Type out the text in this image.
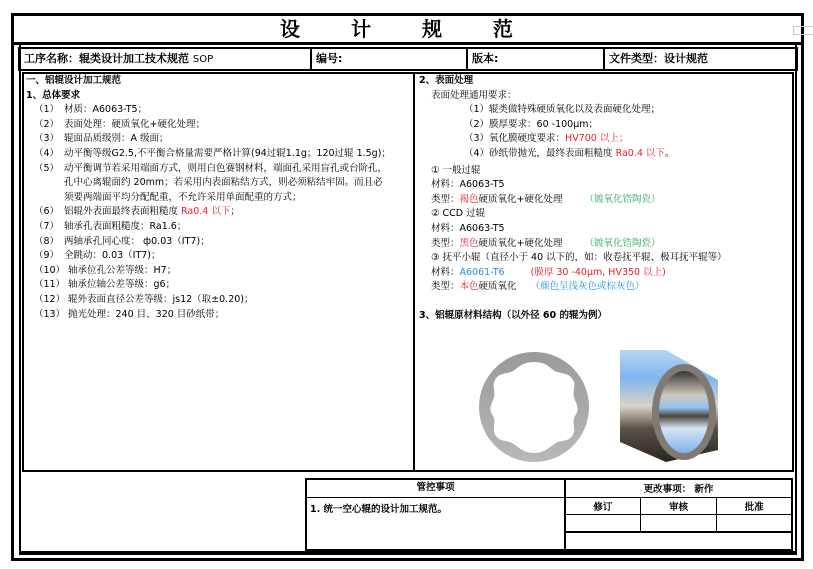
设 计 规 范
工序名称：辊类设计加工技术规范 SOP	编号:	版本:	文件类型：设计规范
一、铝辊设计加工规范
1、总体要求
（1） 材质：A6063-T5；
（2） 表面处理：硬质氧化+硬化处理；
（3） 辊面品质级别：A 级面；
（4） 动平衡等级G2.5,不平衡合格量需要严格计算(94过辊1.1g；120过辊 1.5g)；
（5） 动平衡调节若采用端面方式，则用白色赛钢材料，端面孔采用盲孔或台阶孔，
孔中心离辊面约 20mm；若采用内表面粘结方式，则必须粘结牢固。而且必
须要两端面平均分配配重，不允许采用单面配重的方式；
（6） 铝辊外表面最终表面粗糙度 Ra0.4 以下；
（7） 轴承孔表面粗糙度：Ra1.6；
（8） 两轴承孔同心度： ф0.03（IT7)；
（9） 全跳动：0.03（IT7)；
（10） 轴承位孔公差等级：H7；
（11） 轴承位轴公差等级：g6；
（12） 辊外表面直径公差等级：js12（取±0.20)；
（13） 抛光处理：240 目、320 目砂纸带；
2、表面处理
表面处理通用要求：
（1）辊类做特殊硬质氧化以及表面硬化处理；
（2）膜厚要求：60 -100μm；
（3）氧化膜硬度要求：HV700 以上；
（4）砂纸带抛光，最终表面粗糙度 Ra0.4 以下。
① 一般过辊
材料：A6063-T5
类型：褐色硬质氧化+硬化处理 （镀氧化锆陶瓷）
② CCD 过辊
材料：A6063-T5
类型：黑色硬质氧化+硬化处理 （镀氧化锆陶瓷）
③ 抚平小辊（直径小于 40 以下的，如：收卷抚平辊、极耳抚平辊等）
材料：A6061-T6	(膜厚 30 -40μm, HV350 以上)
类型：本色硬质氧化 （颜色呈浅灰色或棕灰色）
3、铝辊原材料结构（以外径 60 的辊为例）
管控事项
1. 统一空心辊的设计加工规范。
更改事项： 新作		
修订	审核	批准
